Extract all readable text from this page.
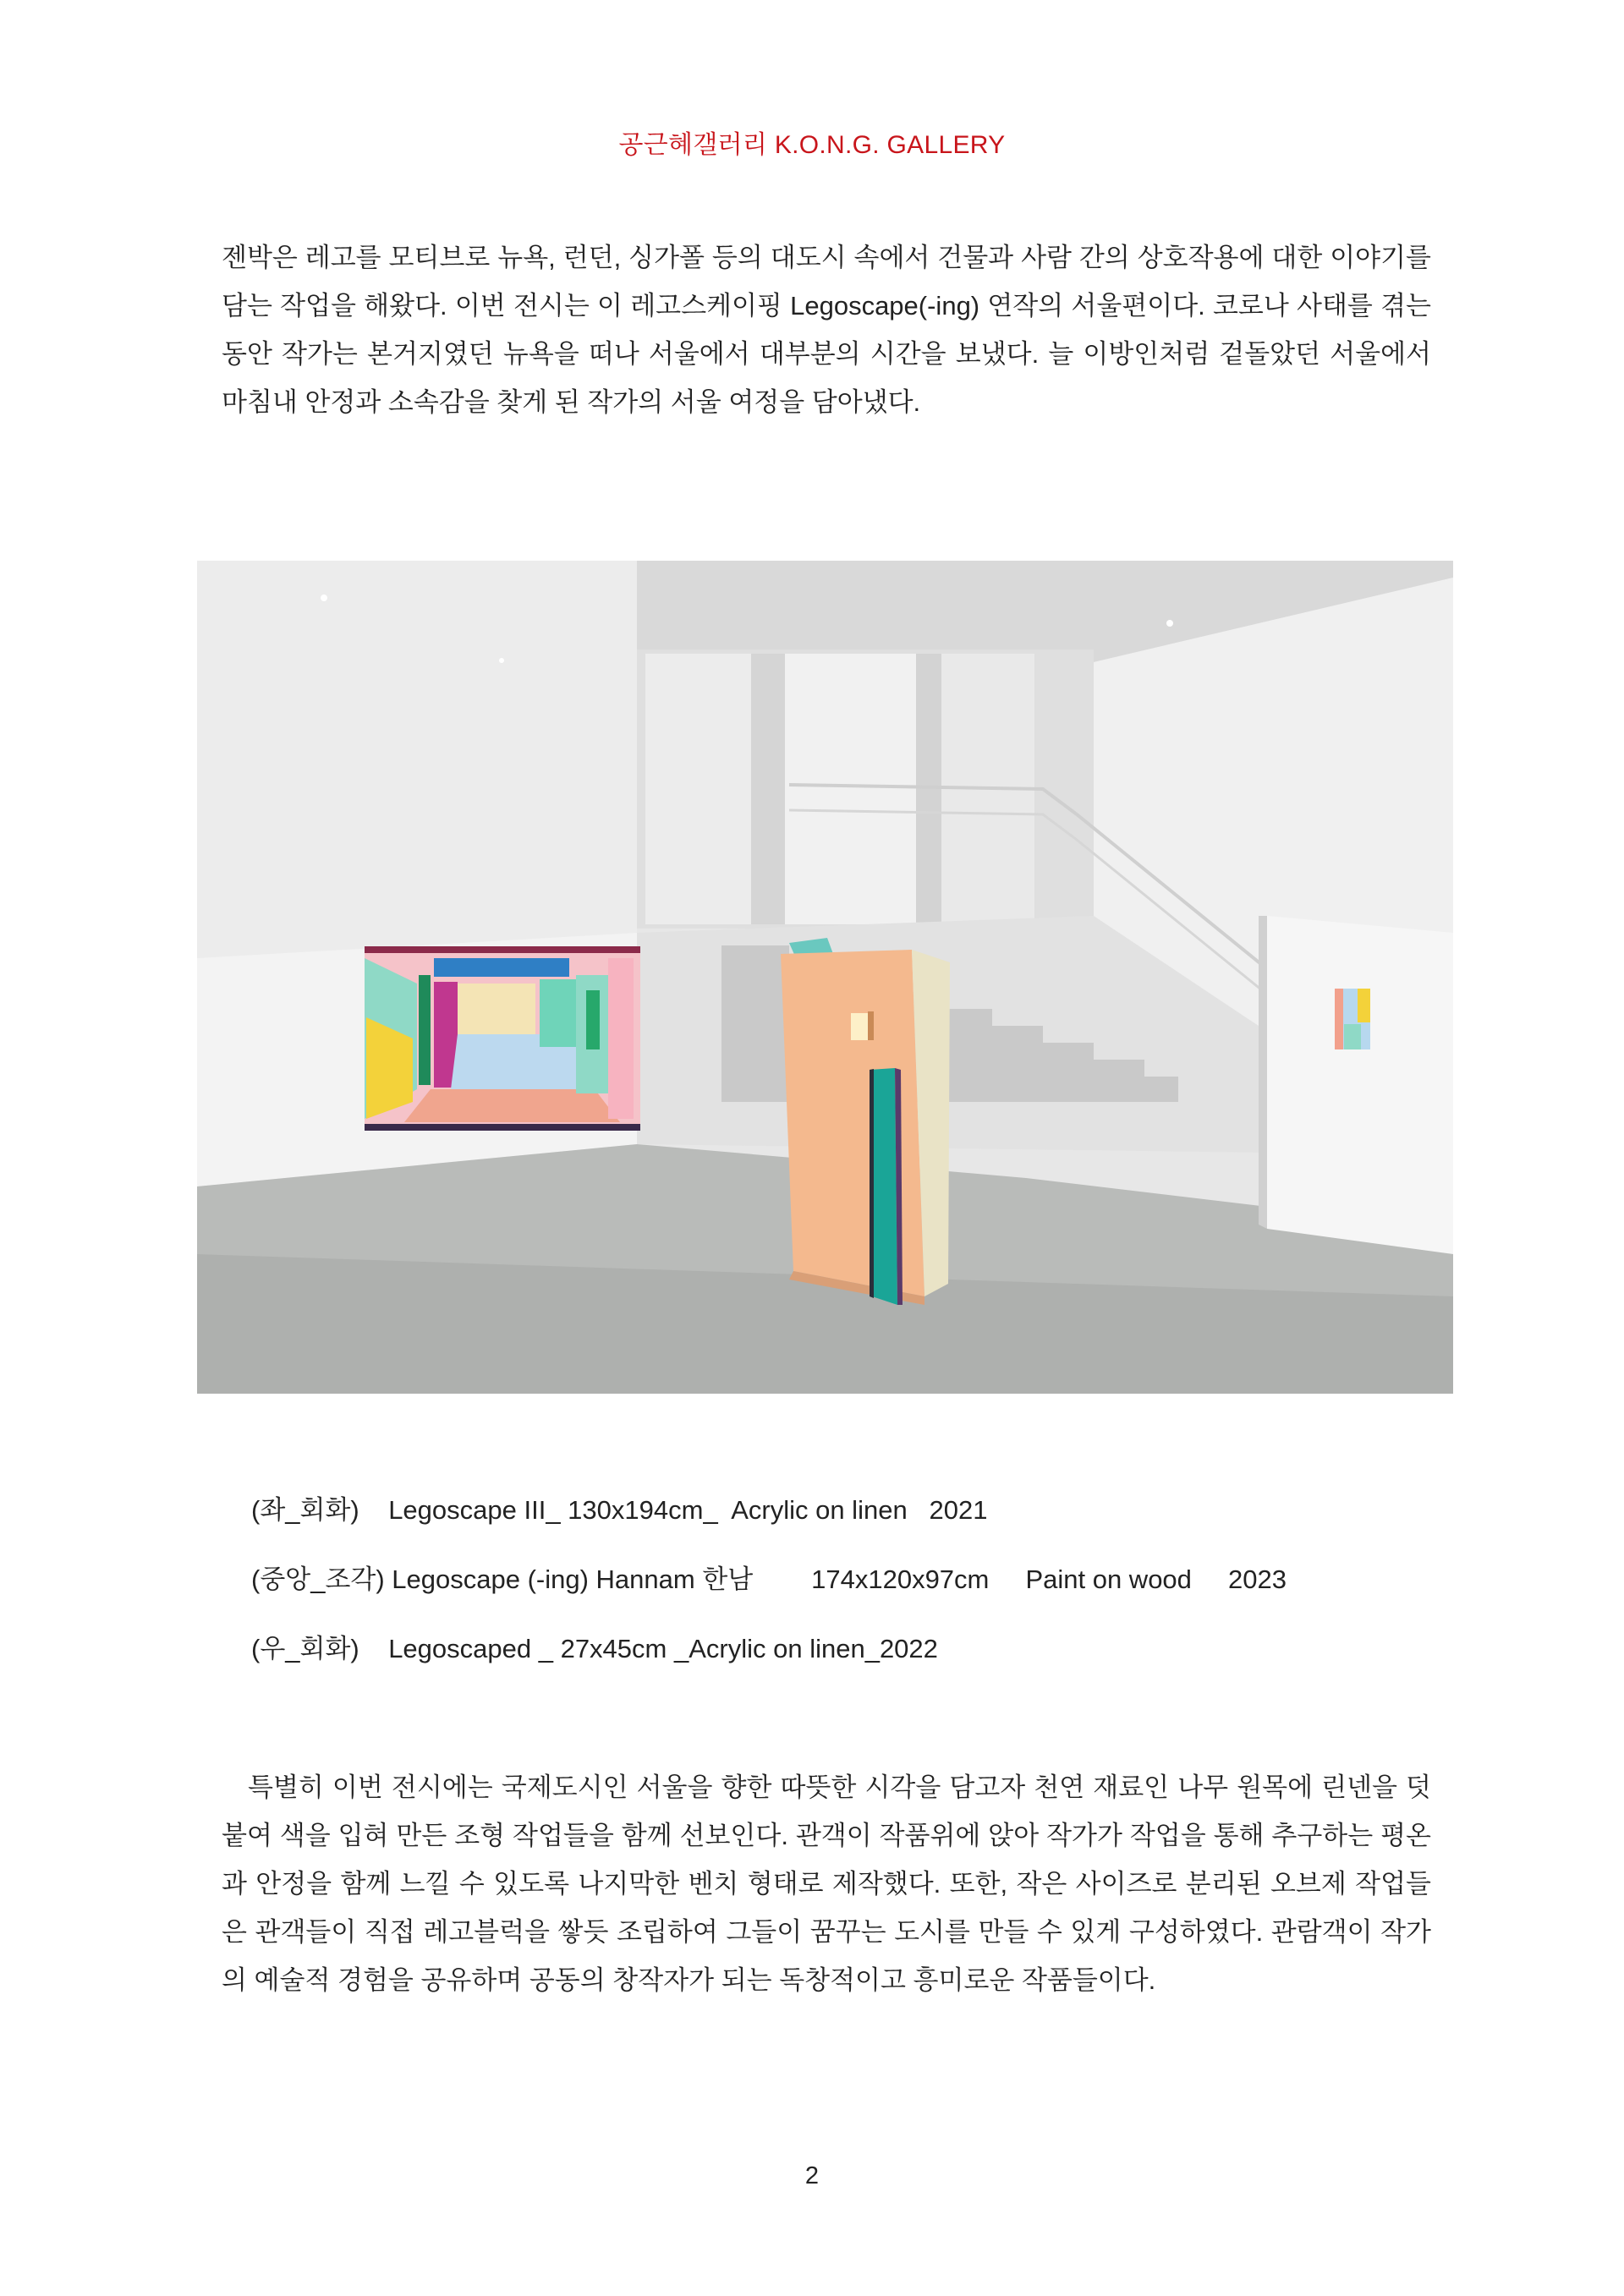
공근혜갤러리 K.O.N.G. GALLERY

젠박은 레고를 모티브로 뉴욕, 런던, 싱가폴 등의 대도시 속에서 건물과 사람 간의 상호작용에 대한 이야기를 담는 작업을 해왔다. 이번 전시는 이 레고스케이핑 Legoscape(-ing) 연작의 서울편이다. 코로나 사태를 겪는 동안 작가는 본거지였던 뉴욕을 떠나 서울에서 대부분의 시간을 보냈다. 늘 이방인처럼 겉돌았던 서울에서 마침내 안정과 소속감을 찾게 된 작가의 서울 여정을 담아냈다.

(좌_회화) Legoscape III_ 130x194cm_  Acrylic on linen   2021
(중앙_조각) Legoscape (-ing) Hannam 한남        174x120x97cm     Paint on wood     2023
(우_회화) Legoscaped _ 27x45cm _Acrylic on linen_2022

특별히 이번 전시에는 국제도시인 서울을 향한 따뜻한 시각을 담고자 천연 재료인 나무 원목에 린넨을 덧붙여 색을 입혀 만든 조형 작업들을 함께 선보인다. 관객이 작품위에 앉아 작가가 작업을 통해 추구하는 평온과 안정을 함께 느낄 수 있도록 나지막한 벤치 형태로 제작했다. 또한, 작은 사이즈로 분리된 오브제 작업들은 관객들이 직접 레고블럭을 쌓듯 조립하여 그들이 꿈꾸는 도시를 만들 수 있게 구성하였다. 관람객이 작가의 예술적 경험을 공유하며 공동의 창작자가 되는 독창적이고 흥미로운 작품들이다.

2
